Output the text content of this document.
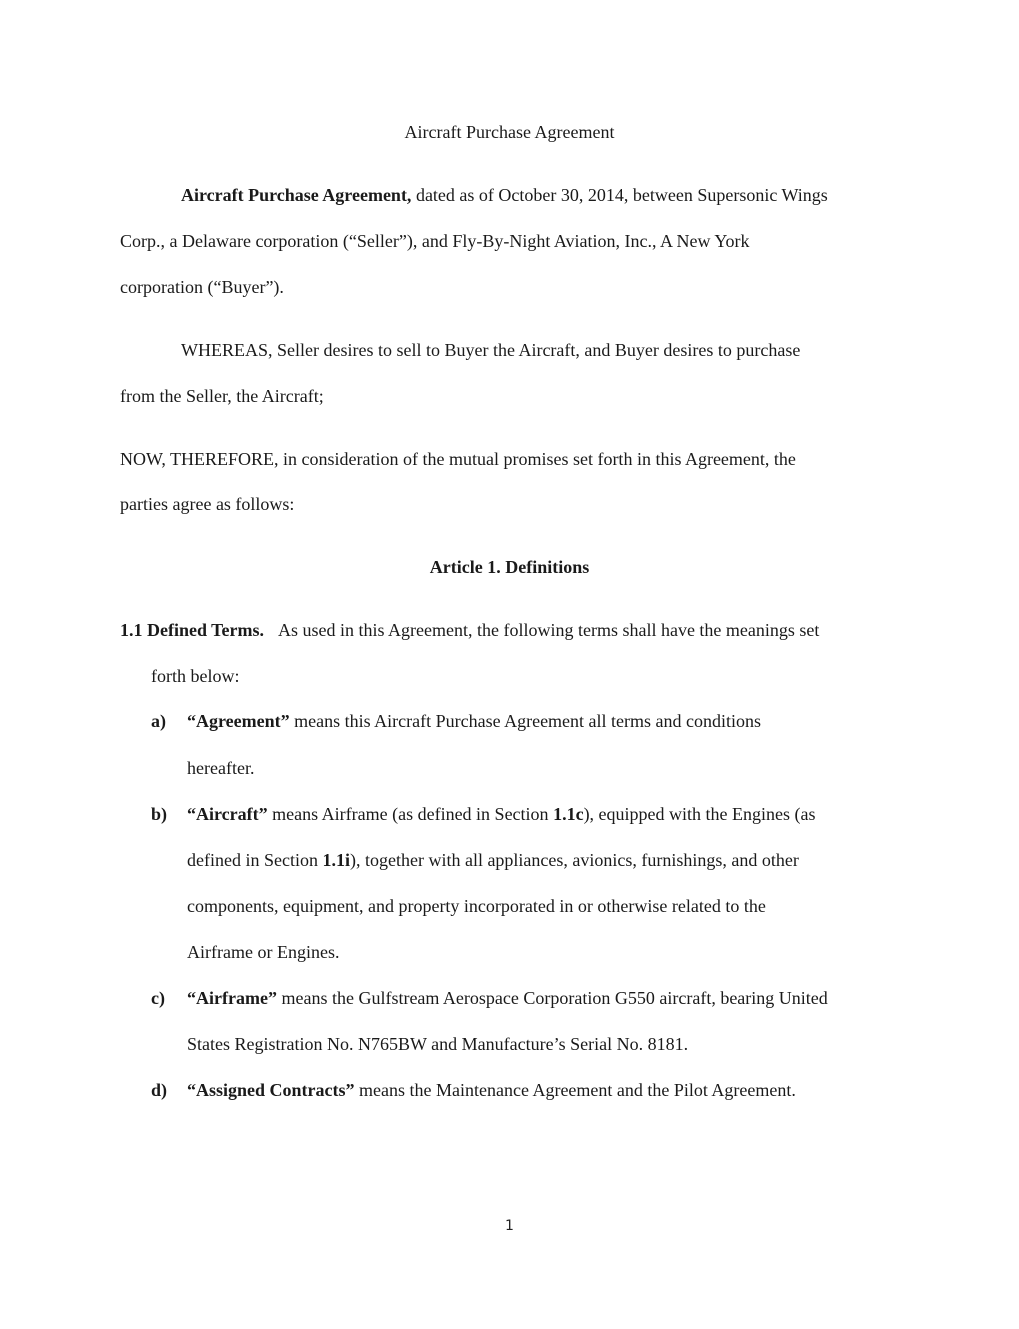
Aircraft Purchase Agreement
Aircraft Purchase Agreement, dated as of October 30, 2014, between Supersonic Wings
Corp., a Delaware corporation (“Seller”), and Fly-By-Night Aviation, Inc., A New York
corporation (“Buyer”).
WHEREAS, Seller desires to sell to Buyer the Aircraft, and Buyer desires to purchase
from the Seller, the Aircraft;
NOW, THEREFORE, in consideration of the mutual promises set forth in this Agreement, the
parties agree as follows:
Article 1. Definitions
1.1 Defined Terms. As used in this Agreement, the following terms shall have the meanings set
forth below:
a) “Agreement” means this Aircraft Purchase Agreement all terms and conditions
hereafter.
b) “Aircraft” means Airframe (as defined in Section 1.1c), equipped with the Engines (as
defined in Section 1.1i), together with all appliances, avionics, furnishings, and other
components, equipment, and property incorporated in or otherwise related to the
Airframe or Engines.
c) “Airframe” means the Gulfstream Aerospace Corporation G550 aircraft, bearing United
States Registration No. N765BW and Manufacture’s Serial No. 8181.
d) “Assigned Contracts” means the Maintenance Agreement and the Pilot Agreement.
1
